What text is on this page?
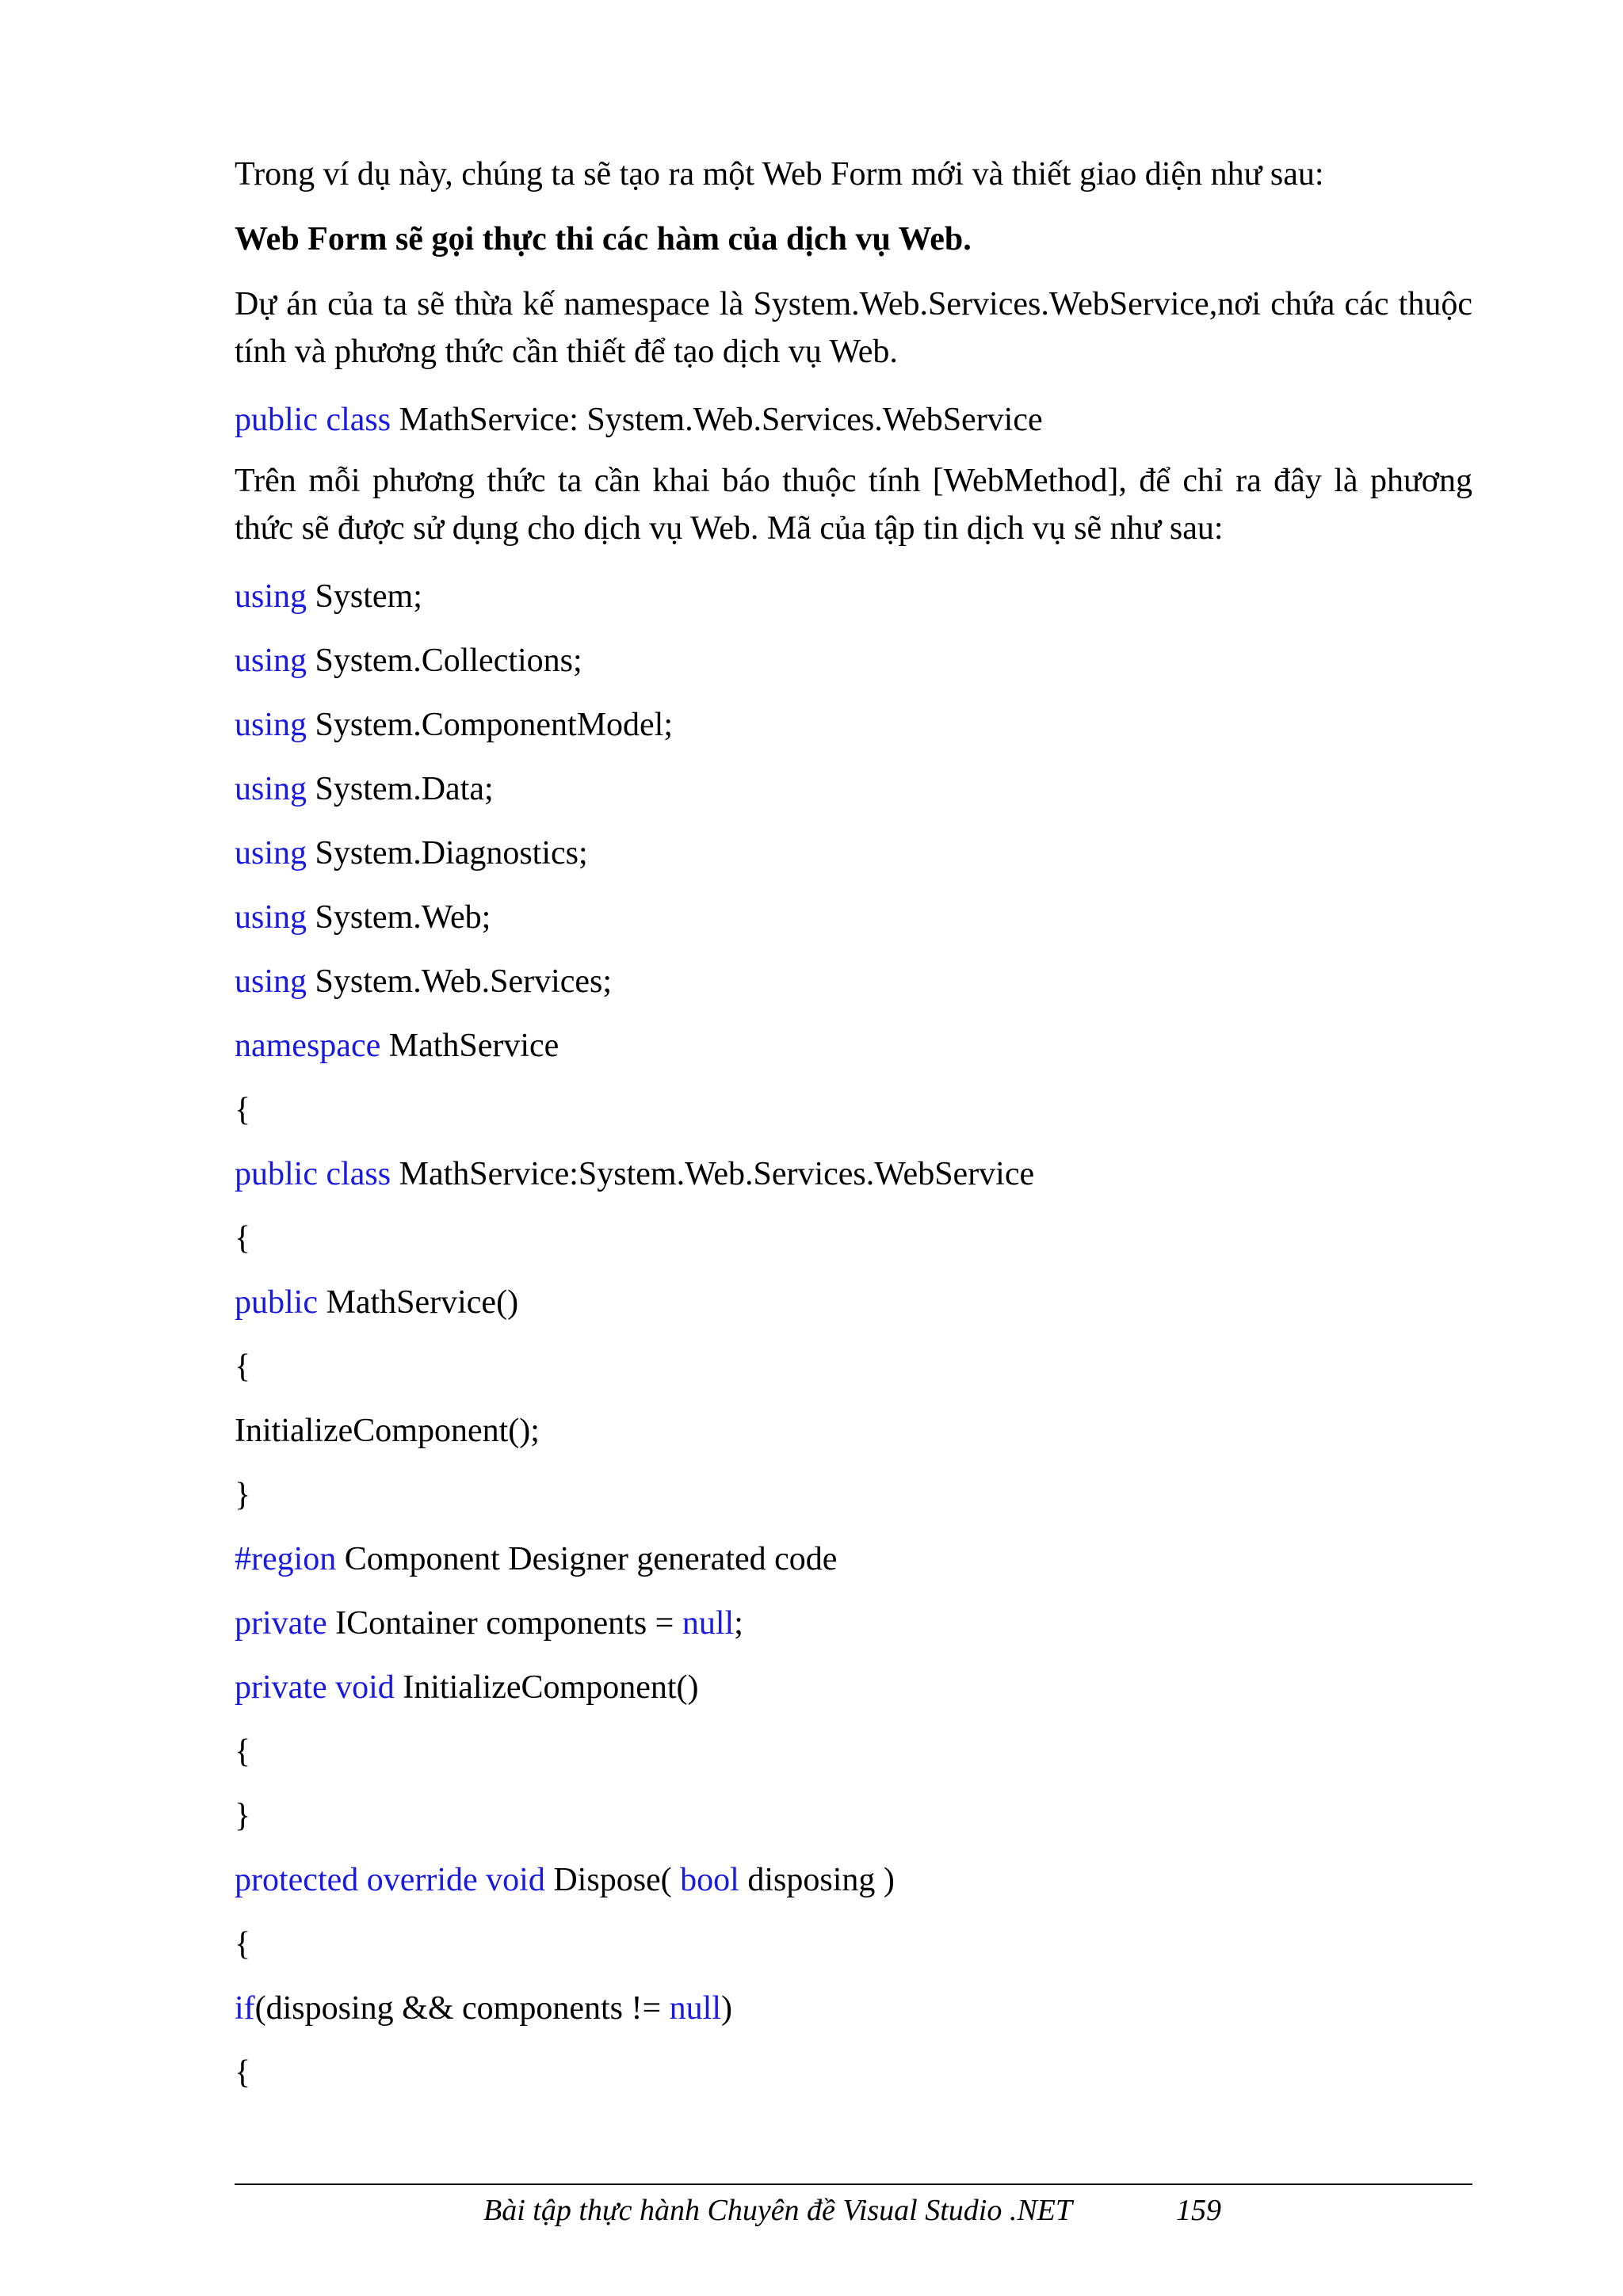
Trong ví dụ này, chúng ta sẽ tạo ra một Web Form mới và thiết giao diện như sau:

Web Form sẽ gọi thực thi các hàm của dịch vụ Web.

Dự án của ta sẽ thừa kế namespace là System.Web.Services.WebService,nơi chứa các thuộc tính và phương thức cần thiết để tạo dịch vụ Web.

public class MathService: System.Web.Services.WebService

Trên mỗi phương thức ta cần khai báo thuộc tính [WebMethod], để chỉ ra đây là phương thức sẽ được sử dụng cho dịch vụ Web. Mã của tập tin dịch vụ sẽ như sau:

using System;
using System.Collections;
using System.ComponentModel;
using System.Data;
using System.Diagnostics;
using System.Web;
using System.Web.Services;
namespace MathService
{
public class MathService:System.Web.Services.WebService
{
public MathService()
{
InitializeComponent();
}
#region Component Designer generated code
private IContainer components = null;
private void InitializeComponent()
{
}
protected override void Dispose( bool disposing )
{
if(disposing && components != null)
{
Bài tập thực hành Chuyên đề Visual Studio .NET	159
